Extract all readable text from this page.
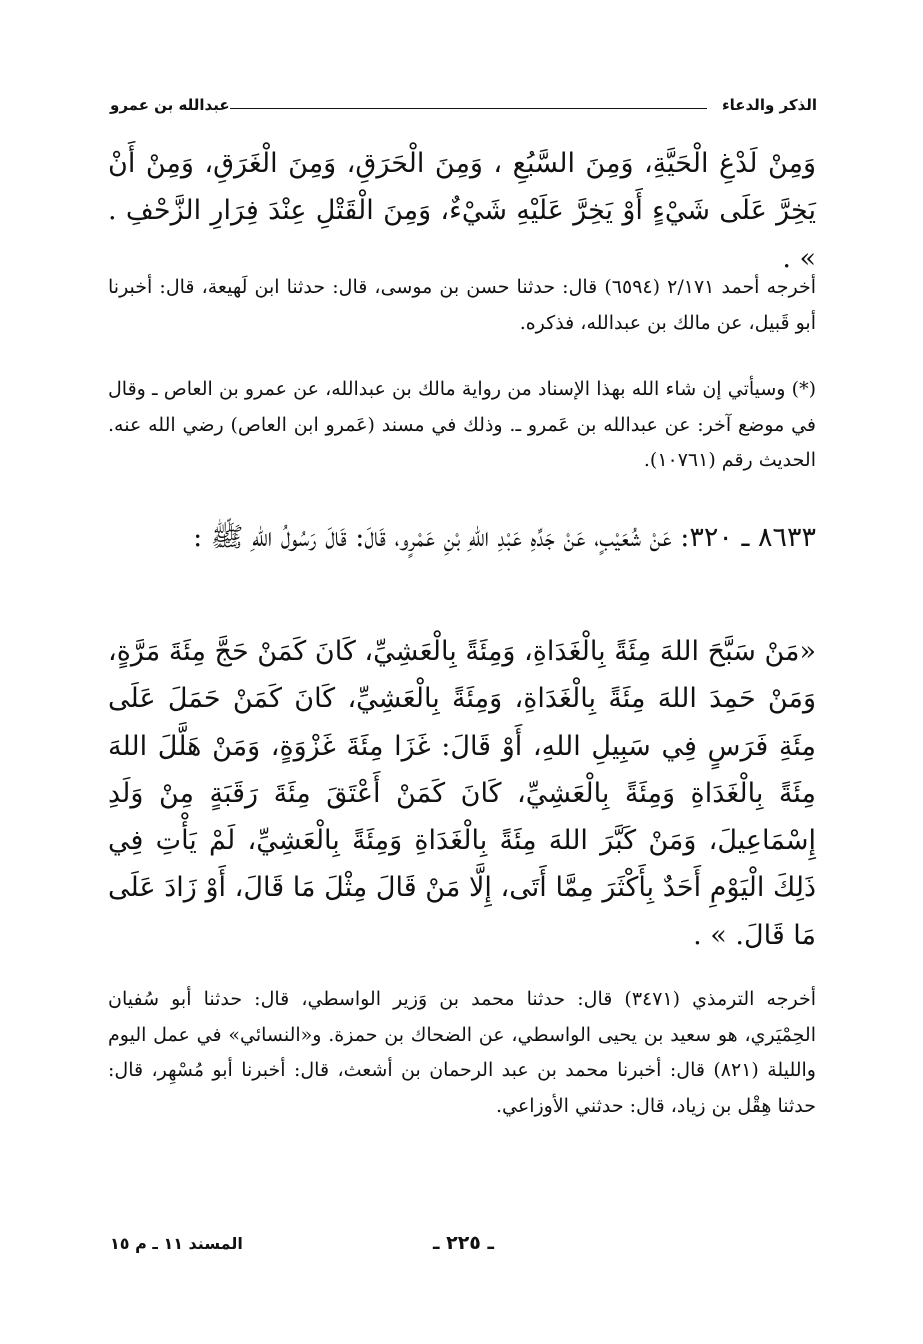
الذكر والدعاء
عبدالله بن عمرو
وَمِنْ لَدْغِ الْحَيَّةِ، وَمِنَ السَّبُعِ ، وَمِنَ الْحَرَقِ، وَمِنَ الْغَرَقِ، وَمِنْ أَنْ يَخِرَّ عَلَى شَيْءٍ أَوْ يَخِرَّ عَلَيْهِ شَيْءٌ، وَمِنَ الْقَتْلِ عِنْدَ فِرَارِ الزَّحْفِ . » .
أخرجه أحمد ٢/١٧١ (٦٥٩٤) قال: حدثنا حسن بن موسى، قال: حدثنا ابن لَهيعة، قال: أخبرنا أبو قَبيل، عن مالك بن عبدالله، فذكره.
(*) وسيأتي إن شاء الله بهذا الإسناد من رواية مالك بن عبدالله، عن عمرو بن العاص ـ وقال في موضع آخر: عن عبدالله بن عَمرو ـ. وذلك في مسند (عَمرو ابن العاص) رضي الله عنه. الحديث رقم (١٠٧٦١).
٨٦٣٣ ـ ٣٢٠: عَنْ شُعَيْبٍ، عَنْ جَدِّهِ عَبْدِ اللهِ بْنِ عَمْرٍو، قَالَ: قَالَ رَسُولُ اللهِ ﷺ :
«مَنْ سَبَّحَ اللهَ مِئَةً بِالْغَدَاةِ، وَمِئَةً بِالْعَشِيِّ، كَانَ كَمَنْ حَجَّ مِئَةَ مَرَّةٍ، وَمَنْ حَمِدَ اللهَ مِئَةً بِالْغَدَاةِ، وَمِئَةً بِالْعَشِيِّ، كَانَ كَمَنْ حَمَلَ عَلَى مِئَةِ فَرَسٍ فِي سَبِيلِ اللهِ، أَوْ قَالَ: غَزَا مِئَةَ غَزْوَةٍ، وَمَنْ هَلَّلَ اللهَ مِئَةً بِالْغَدَاةِ وَمِئَةً بِالْعَشِيِّ، كَانَ كَمَنْ أَعْتَقَ مِئَةَ رَقَبَةٍ مِنْ وَلَدِ إِسْمَاعِيلَ، وَمَنْ كَبَّرَ اللهَ مِئَةً بِالْغَدَاةِ وَمِئَةً بِالْعَشِيِّ، لَمْ يَأْتِ فِي ذَلِكَ الْيَوْمِ أَحَدٌ بِأَكْثَرَ مِمَّا أَتَى، إِلَّا مَنْ قَالَ مِثْلَ مَا قَالَ، أَوْ زَادَ عَلَى مَا قَالَ. » .
أخرجه الترمذي (٣٤٧١) قال: حدثنا محمد بن وَزير الواسطي، قال: حدثنا أبو سُفيان الحِمْيَري، هو سعيد بن يحيى الواسطي، عن الضحاك بن حمزة. و«النسائي» في عمل اليوم والليلة (٨٢١) قال: أخبرنا محمد بن عبد الرحمان بن أشعث، قال: أخبرنا أبو مُسْهِر، قال: حدثنا هِقْل بن زياد، قال: حدثني الأوزاعي.
المسند ١١ ـ م ١٥	ـ ٢٢٥ ـ
